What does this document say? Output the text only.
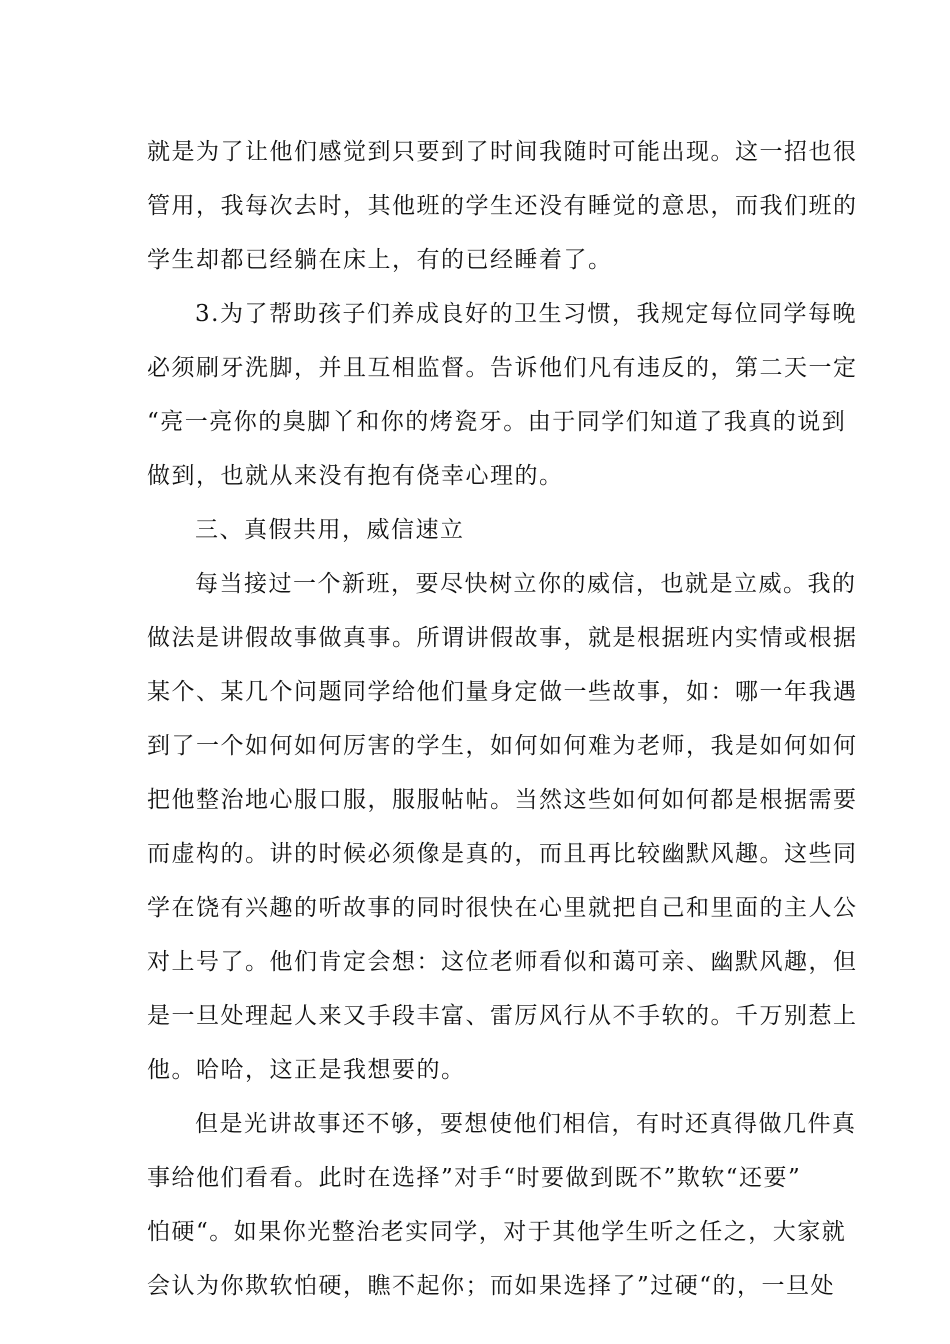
就是为了让他们感觉到只要到了时间我随时可能出现。这一招也很
管用，我每次去时，其他班的学生还没有睡觉的意思，而我们班的
学生却都已经躺在床上，有的已经睡着了。
3.为了帮助孩子们养成良好的卫生习惯，我规定每位同学每晚
必须刷牙洗脚，并且互相监督。告诉他们凡有违反的，第二天一定
“亮一亮你的臭脚丫和你的烤瓷牙。由于同学们知道了我真的说到
做到，也就从来没有抱有侥幸心理的。
三、真假共用，威信速立
每当接过一个新班，要尽快树立你的威信，也就是立威。我的
做法是讲假故事做真事。所谓讲假故事，就是根据班内实情或根据
某个、某几个问题同学给他们量身定做一些故事，如：哪一年我遇
到了一个如何如何厉害的学生，如何如何难为老师，我是如何如何
把他整治地心服口服，服服帖帖。当然这些如何如何都是根据需要
而虚构的。讲的时候必须像是真的，而且再比较幽默风趣。这些同
学在饶有兴趣的听故事的同时很快在心里就把自己和里面的主人公
对上号了。他们肯定会想：这位老师看似和蔼可亲、幽默风趣，但
是一旦处理起人来又手段丰富、雷厉风行从不手软的。千万别惹上
他。哈哈，这正是我想要的。
但是光讲故事还不够，要想使他们相信，有时还真得做几件真
事给他们看看。此时在选择”对手“时要做到既不”欺软“还要”
怕硬“。如果你光整治老实同学，对于其他学生听之任之，大家就
会认为你欺软怕硬，瞧不起你；而如果选择了”过硬“的，一旦处
